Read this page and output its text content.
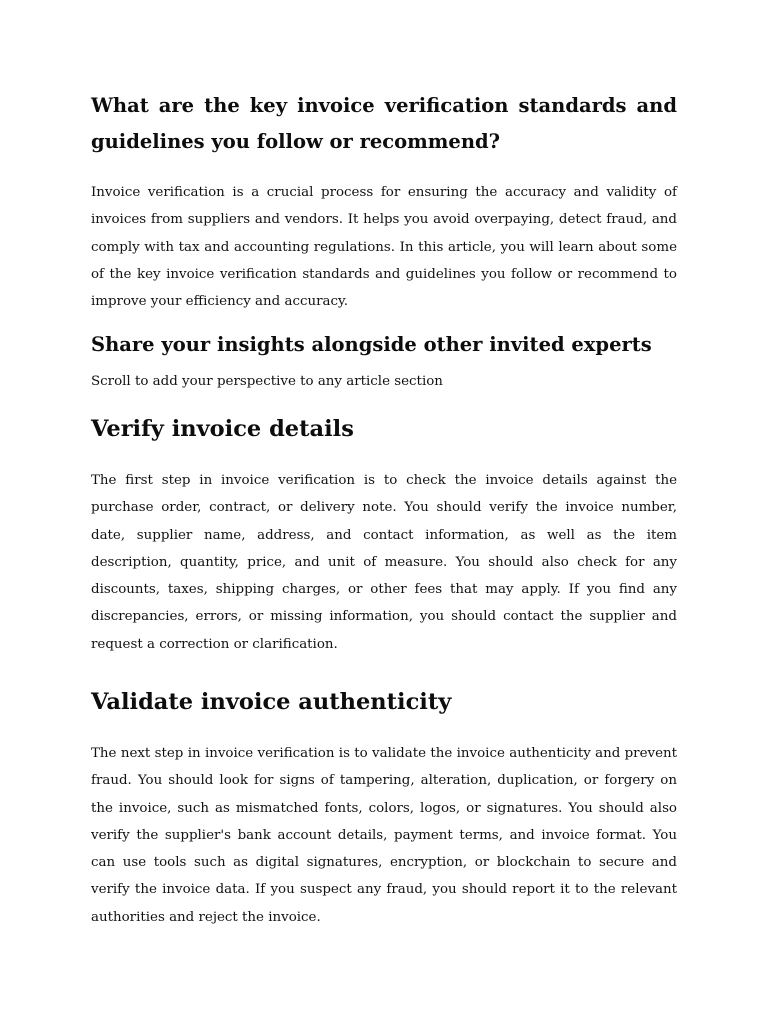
What are the key invoice verification standards and guidelines you follow or recommend?

Invoice verification is a crucial process for ensuring the accuracy and validity of invoices from suppliers and vendors. It helps you avoid overpaying, detect fraud, and comply with tax and accounting regulations. In this article, you will learn about some of the key invoice verification standards and guidelines you follow or recommend to improve your efficiency and accuracy.

Share your insights alongside other invited experts

Scroll to add your perspective to any article section

Verify invoice details

The first step in invoice verification is to check the invoice details against the purchase order, contract, or delivery note. You should verify the invoice number, date, supplier name, address, and contact information, as well as the item description, quantity, price, and unit of measure. You should also check for any discounts, taxes, shipping charges, or other fees that may apply. If you find any discrepancies, errors, or missing information, you should contact the supplier and request a correction or clarification.

Validate invoice authenticity

The next step in invoice verification is to validate the invoice authenticity and prevent fraud. You should look for signs of tampering, alteration, duplication, or forgery on the invoice, such as mismatched fonts, colors, logos, or signatures. You should also verify the supplier's bank account details, payment terms, and invoice format. You can use tools such as digital signatures, encryption, or blockchain to secure and verify the invoice data. If you suspect any fraud, you should report it to the relevant authorities and reject the invoice.
